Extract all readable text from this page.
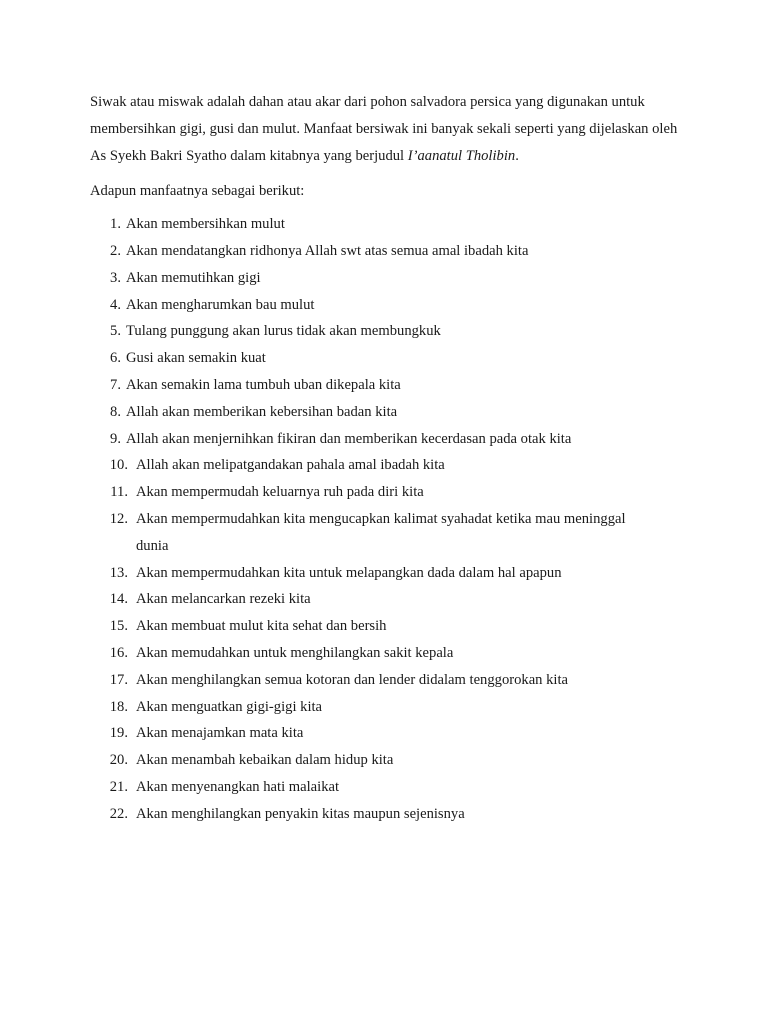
Siwak atau miswak adalah dahan atau akar dari pohon salvadora persica yang digunakan untuk membersihkan gigi, gusi dan mulut. Manfaat bersiwak ini banyak sekali seperti yang dijelaskan oleh As Syekh Bakri Syatho dalam kitabnya yang berjudul I’aanatul Tholibin.

Adapun manfaatnya sebagai berikut:

1. Akan membersihkan mulut
2. Akan mendatangkan ridhonya Allah swt atas semua amal ibadah kita
3. Akan memutihkan gigi
4. Akan mengharumkan bau mulut
5. Tulang punggung akan lurus tidak akan membungkuk
6. Gusi akan semakin kuat
7. Akan semakin lama tumbuh uban dikepala kita
8. Allah akan memberikan kebersihan badan kita
9. Allah akan menjernihkan fikiran dan memberikan kecerdasan pada otak kita
10. Allah akan melipatgandakan pahala amal ibadah kita
11. Akan mempermudah keluarnya ruh pada diri kita
12. Akan mempermudahkan kita mengucapkan kalimat syahadat ketika mau meninggal dunia
13. Akan mempermudahkan kita untuk melapangkan dada dalam hal apapun
14. Akan melancarkan rezeki kita
15. Akan membuat mulut kita sehat dan bersih
16. Akan memudahkan untuk menghilangkan sakit kepala
17. Akan menghilangkan semua kotoran dan lender didalam tenggorokan kita
18. Akan menguatkan gigi-gigi kita
19. Akan menajamkan mata kita
20. Akan menambah kebaikan dalam hidup kita
21. Akan menyenangkan hati malaikat
22. Akan menghilangkan penyakin kitas maupun sejenisnya
